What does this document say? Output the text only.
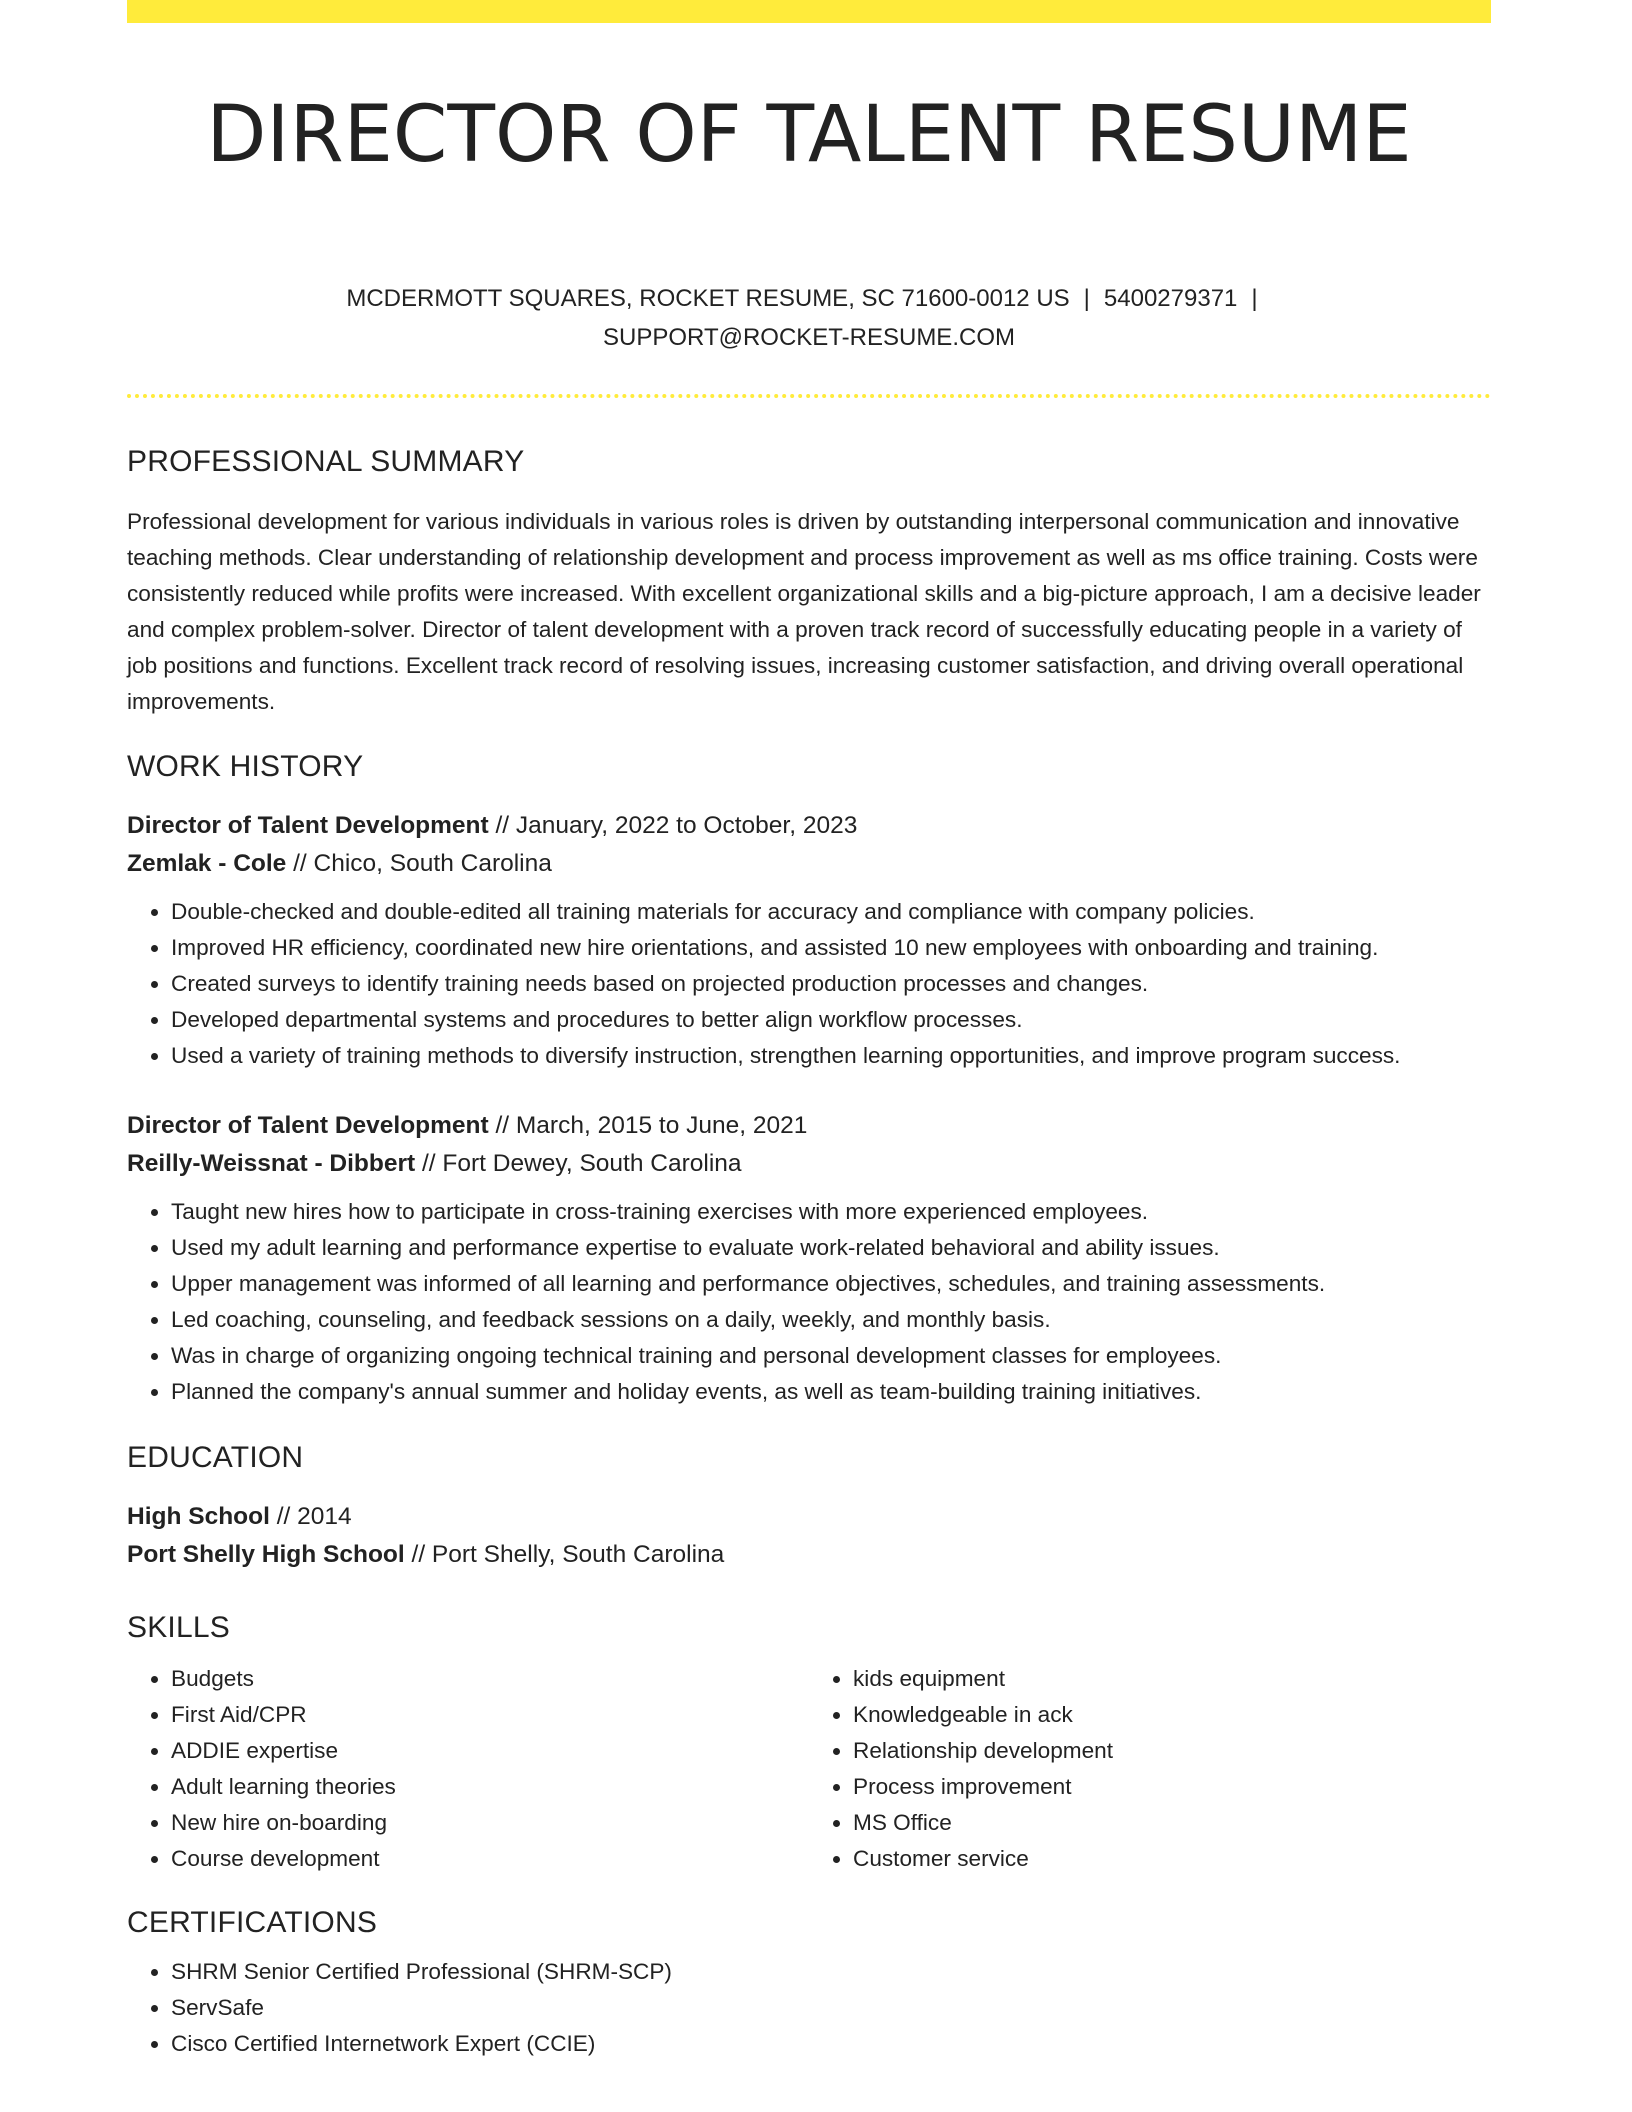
DIRECTOR OF TALENT RESUME
MCDERMOTT SQUARES, ROCKET RESUME, SC 71600-0012 US | 5400279371 |
SUPPORT@ROCKET-RESUME.COM
PROFESSIONAL SUMMARY

Professional development for various individuals in various roles is driven by outstanding interpersonal communication and innovative teaching methods. Clear understanding of relationship development and process improvement as well as ms office training. Costs were consistently reduced while profits were increased. With excellent organizational skills and a big-picture approach, I am a decisive leader and complex problem-solver. Director of talent development with a proven track record of successfully educating people in a variety of job positions and functions. Excellent track record of resolving issues, increasing customer satisfaction, and driving overall operational improvements.

WORK HISTORY
Director of Talent Development // January, 2022 to October, 2023
Zemlak - Cole // Chico, South Carolina
• Double-checked and double-edited all training materials for accuracy and compliance with company policies.
• Improved HR efficiency, coordinated new hire orientations, and assisted 10 new employees with onboarding and training.
• Created surveys to identify training needs based on projected production processes and changes.
• Developed departmental systems and procedures to better align workflow processes.
• Used a variety of training methods to diversify instruction, strengthen learning opportunities, and improve program success.
Director of Talent Development // March, 2015 to June, 2021
Reilly-Weissnat - Dibbert // Fort Dewey, South Carolina
• Taught new hires how to participate in cross-training exercises with more experienced employees.
• Used my adult learning and performance expertise to evaluate work-related behavioral and ability issues.
• Upper management was informed of all learning and performance objectives, schedules, and training assessments.
• Led coaching, counseling, and feedback sessions on a daily, weekly, and monthly basis.
• Was in charge of organizing ongoing technical training and personal development classes for employees.
• Planned the company's annual summer and holiday events, as well as team-building training initiatives.
EDUCATION
High School // 2014
Port Shelly High School // Port Shelly, South Carolina
SKILLS
• Budgets
• First Aid/CPR
• ADDIE expertise
• Adult learning theories
• New hire on-boarding
• Course development
• kids equipment
• Knowledgeable in ack
• Relationship development
• Process improvement
• MS Office
• Customer service
CERTIFICATIONS
• SHRM Senior Certified Professional (SHRM-SCP)
• ServSafe
• Cisco Certified Internetwork Expert (CCIE)
